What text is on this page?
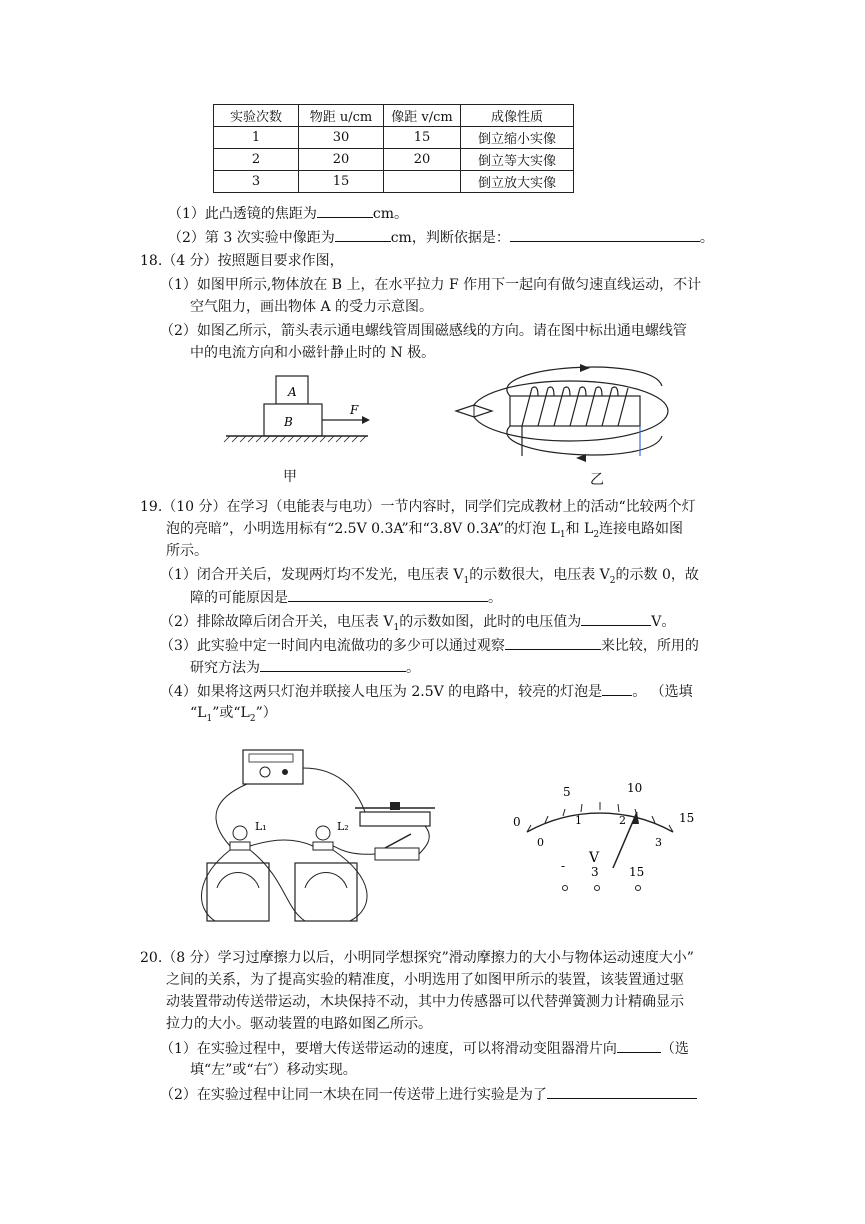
实验次数	物距 u/cm	像距 v/cm	成像性质
1	30	15	倒立缩小实像
2	20	20	倒立等大实像
3	15		倒立放大实像
（1）此凸透镜的焦距为	cm。
（2）第 3 次实验中像距为	cm，判断依据是：	。
18.（4 分）按照题目要求作图，
（1）如图甲所示,物体放在 B 上，在水平拉力 F 作用下一起向有做匀速直线运动，不计
空气阻力，画出物体 A 的受力示意图。
（2）如图乙所示，箭头表示通电螺线管周围磁感线的方向。请在图中标出通电螺线管
中的电流方向和小磁针静止时的 N 极。
A
B
F
甲	乙
19.（10 分）在学习（电能表与电功）一节内容时，同学们完成教材上的活动“比较两个灯
泡的亮暗”，小明选用标有“2.5V 0.3A”和“3.8V 0.3A”的灯泡 $L_1$和 $L_2$连接电路如图
所示。
（1）闭合开关后，发现两灯均不发光，电压表 $V_1$的示数很大，电压表 $V_2$的示数 0，故
障的可能原因是	。
（2）排除故障后闭合开关，电压表 $V_1$的示数如图，此时的电压值为	V。
（3）此实验中定一时间内电流做功的多少可以通过观察	来比较，所用的
研究方法为	。
（4）如果将这两只灯泡并联接人电压为 2.5V 的电路中，较亮的灯泡是 。 （选填
“$L_1$”或“$L_2$”）
L₁	L₂	0
5	10
15
0
1	2
3
V
- 3	15
20.（8 分）学习过摩擦力以后，小明同学想探究”滑动摩擦力的大小与物体运动速度大小”
之间的关系，为了提高实验的精准度，小明选用了如图甲所示的装置，该装置通过驱
动装置带动传送带运动，木块保持不动，其中力传感器可以代替弹簧测力计精确显示
拉力的大小。驱动装置的电路如图乙所示。
（1）在实验过程中，要增大传送带运动的速度，可以将滑动变阻器滑片向	（选
填“左”或“右″）移动实现。
（2）在实验过程中让同一木块在同一传送带上进行实验是为了
